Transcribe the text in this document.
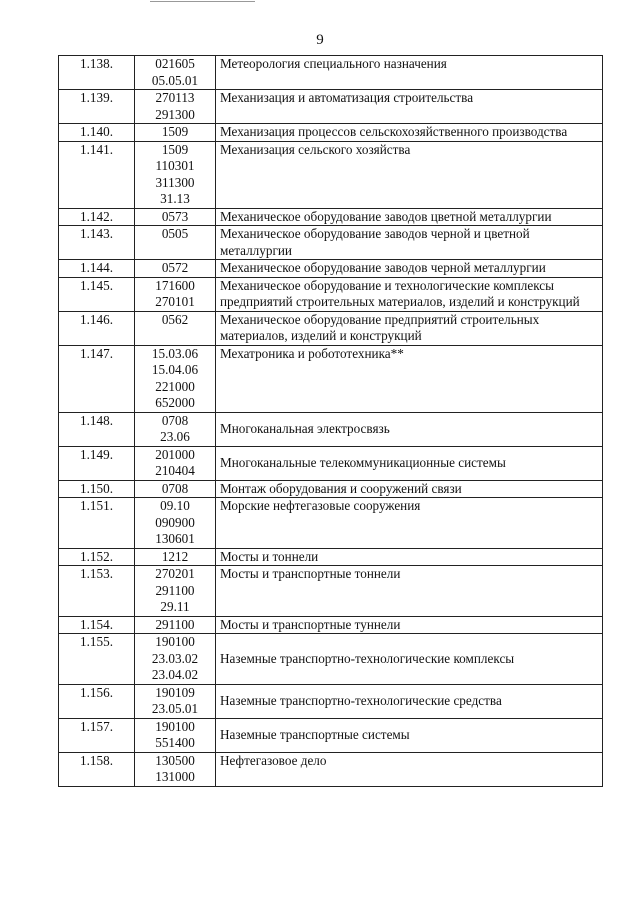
9
1.138.	021605
05.05.01	Метеорология специального назначения
1.139.	270113
291300	Механизация и автоматизация строительства
1.140.	1509	Механизация процессов сельскохозяйственного производства
1.141.	1509
110301
311300
31.13	Механизация сельского хозяйства
1.142.	0573	Механическое оборудование заводов цветной металлургии
1.143.	0505	Механическое оборудование заводов черной и цветной металлургии
1.144.	0572	Механическое оборудование заводов черной металлургии
1.145.	171600
270101	Механическое оборудование и технологические комплексы предприятий строительных материалов, изделий и конструкций
1.146.	0562	Механическое оборудование предприятий строительных материалов, изделий и конструкций
1.147.	15.03.06
15.04.06
221000
652000	Мехатроника и робототехника**
1.148.	0708
23.06	Многоканальная электросвязь
1.149.	201000
210404	Многоканальные телекоммуникационные системы
1.150.	0708	Монтаж оборудования и сооружений связи
1.151.	09.10
090900
130601	Морские нефтегазовые сооружения
1.152.	1212	Мосты и тоннели
1.153.	270201
291100
29.11	Мосты и транспортные тоннели
1.154.	291100	Мосты и транспортные туннели
1.155.	190100
23.03.02
23.04.02	Наземные транспортно-технологические комплексы
1.156.	190109
23.05.01	Наземные транспортно-технологические средства
1.157.	190100
551400	Наземные транспортные системы
1.158.	130500
131000	Нефтегазовое дело
